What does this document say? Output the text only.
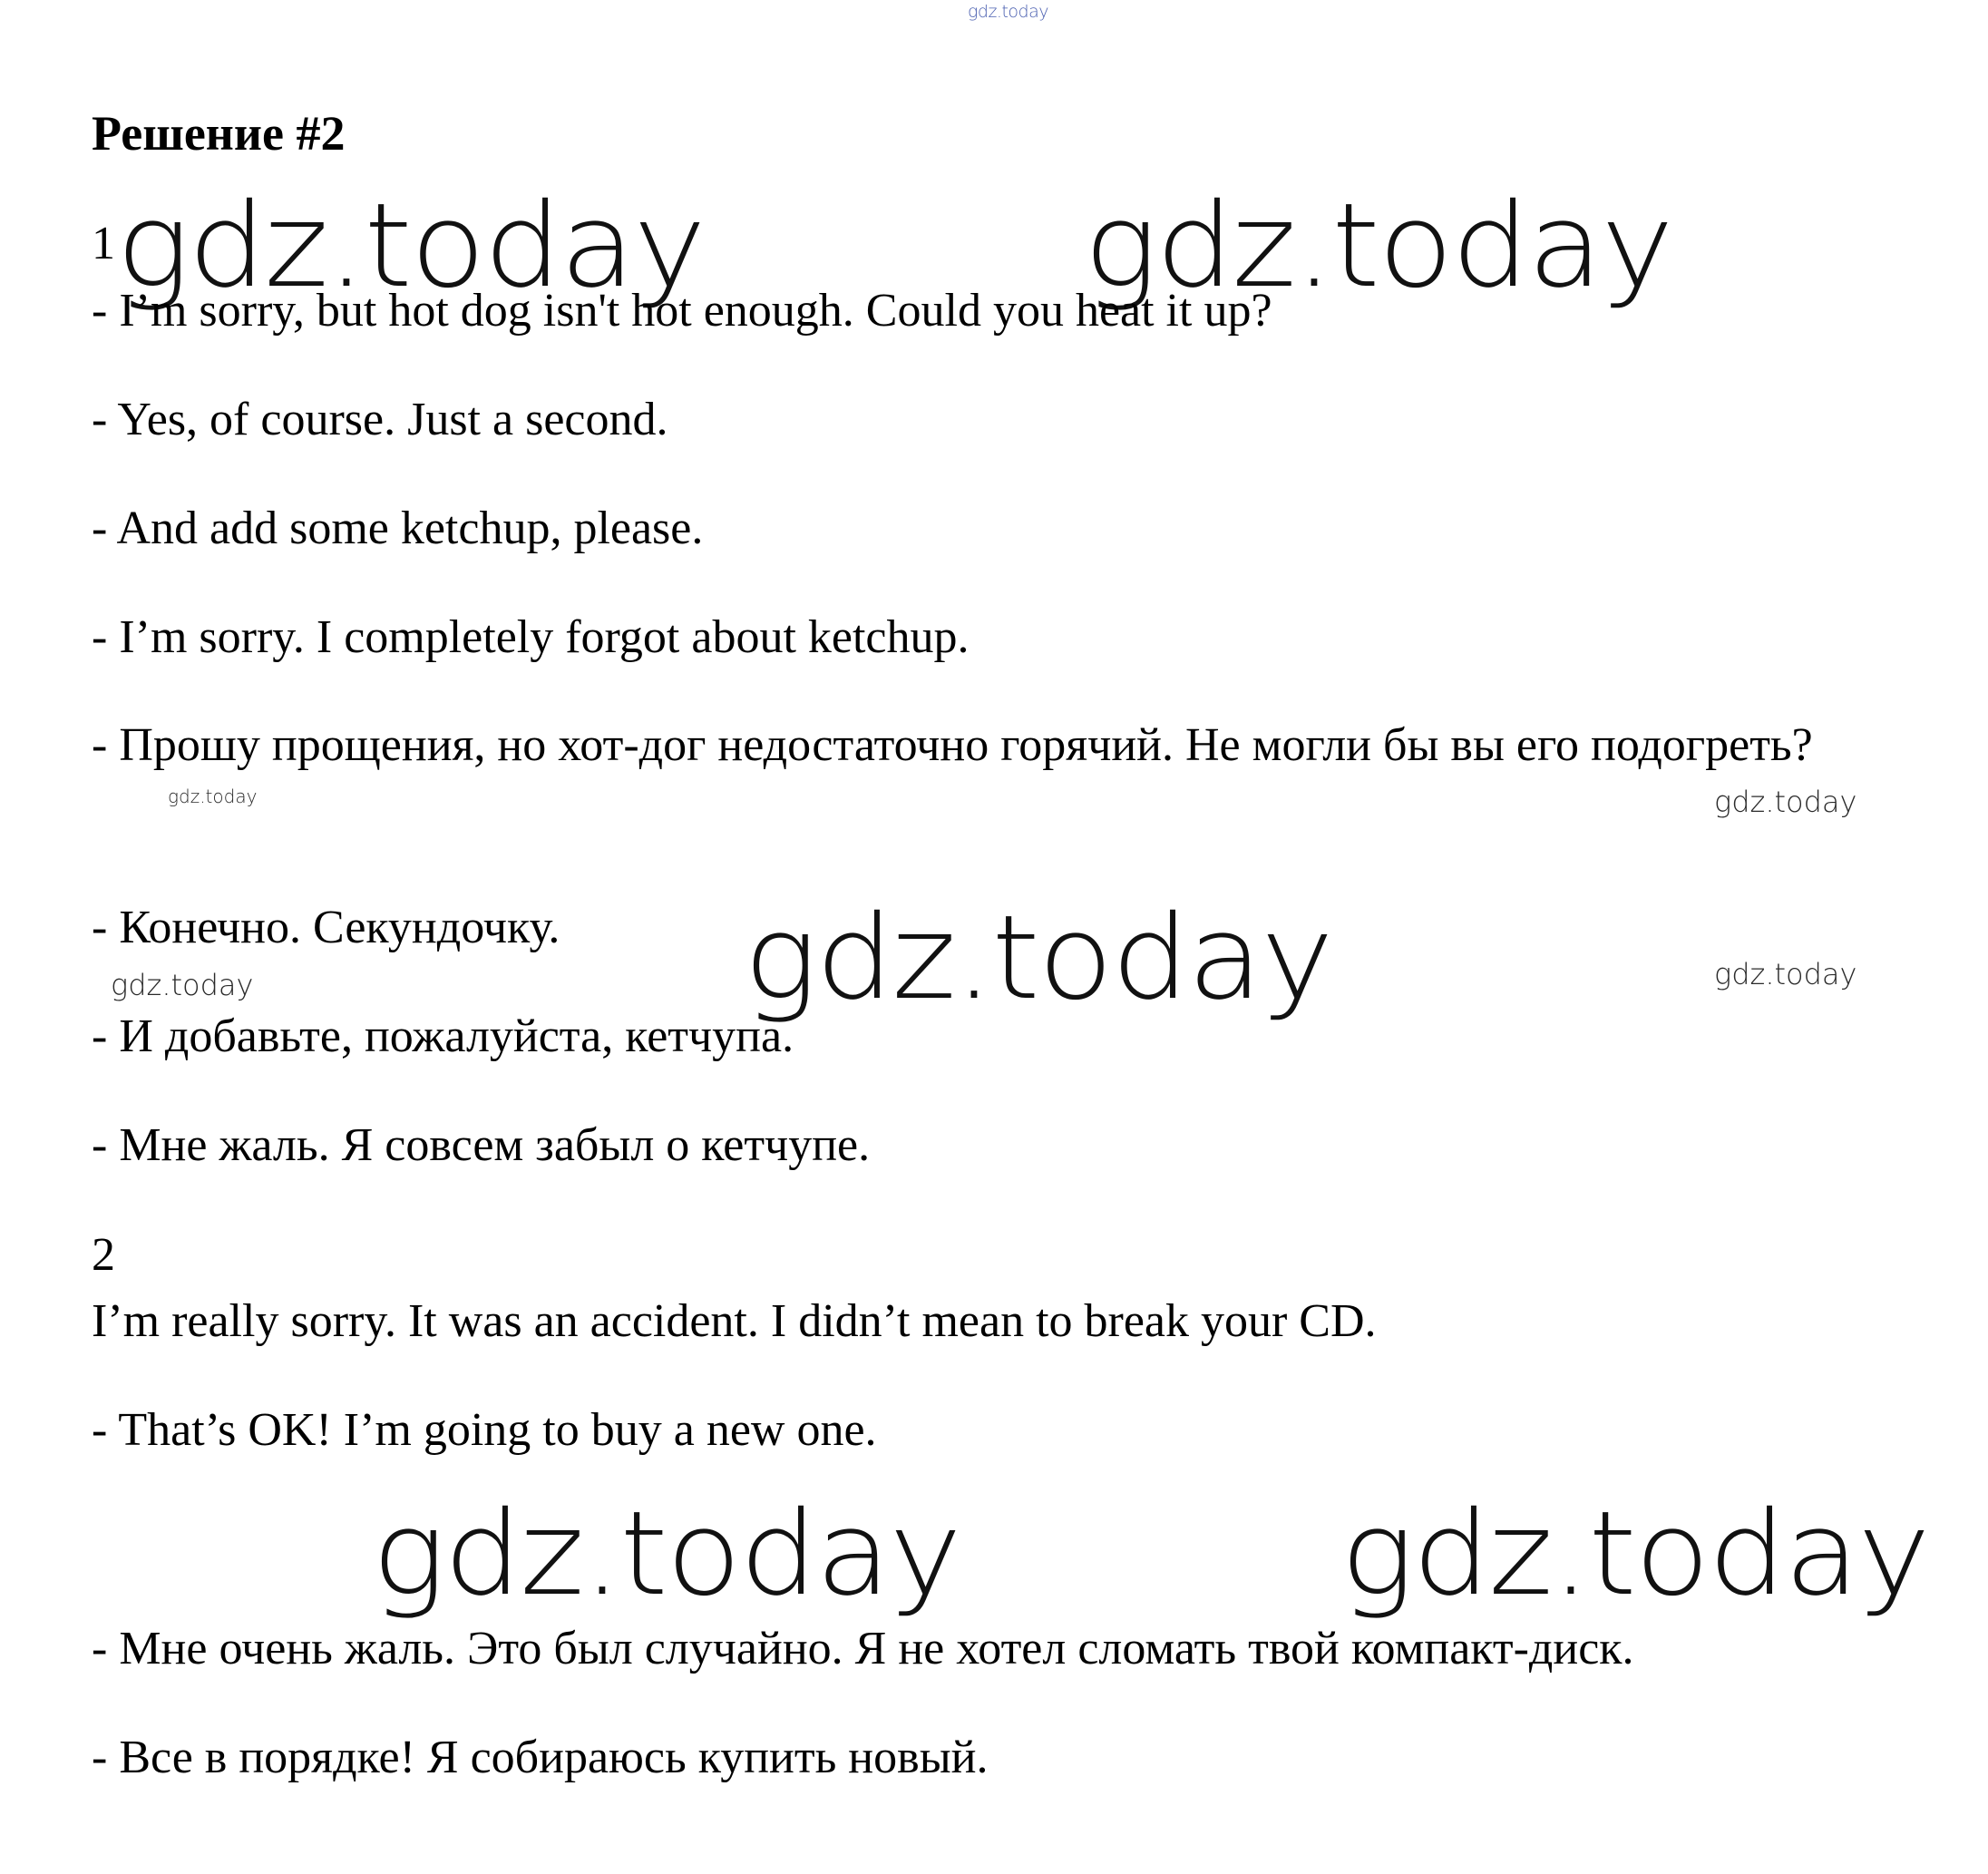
gdz.today
gdz.today	gdz.today
gdz.today
gdz.today	gdz.today
gdz.today	gdz.today
gdz.today	gdz.today
Решение #2
1
- I’m sorry, but hot dog isn't hot enough. Could you heat it up?
- Yes, of course. Just a second.
- And add some ketchup, please.
- I’m sorry. I completely forgot about ketchup.
- Прошу прощения, но хот-дог недостаточно горячий. Не могли бы вы его подогреть?
- Конечно. Секундочку.
- И добавьте, пожалуйста, кетчупа.
- Мне жаль. Я совсем забыл о кетчупе.
2
I’m really sorry. It was an accident. I didn’t mean to break your CD.
- That’s OK! I’m going to buy a new one.
- Мне очень жаль. Это был случайно. Я не хотел сломать твой компакт-диск.
- Все в порядке! Я собираюсь купить новый.
